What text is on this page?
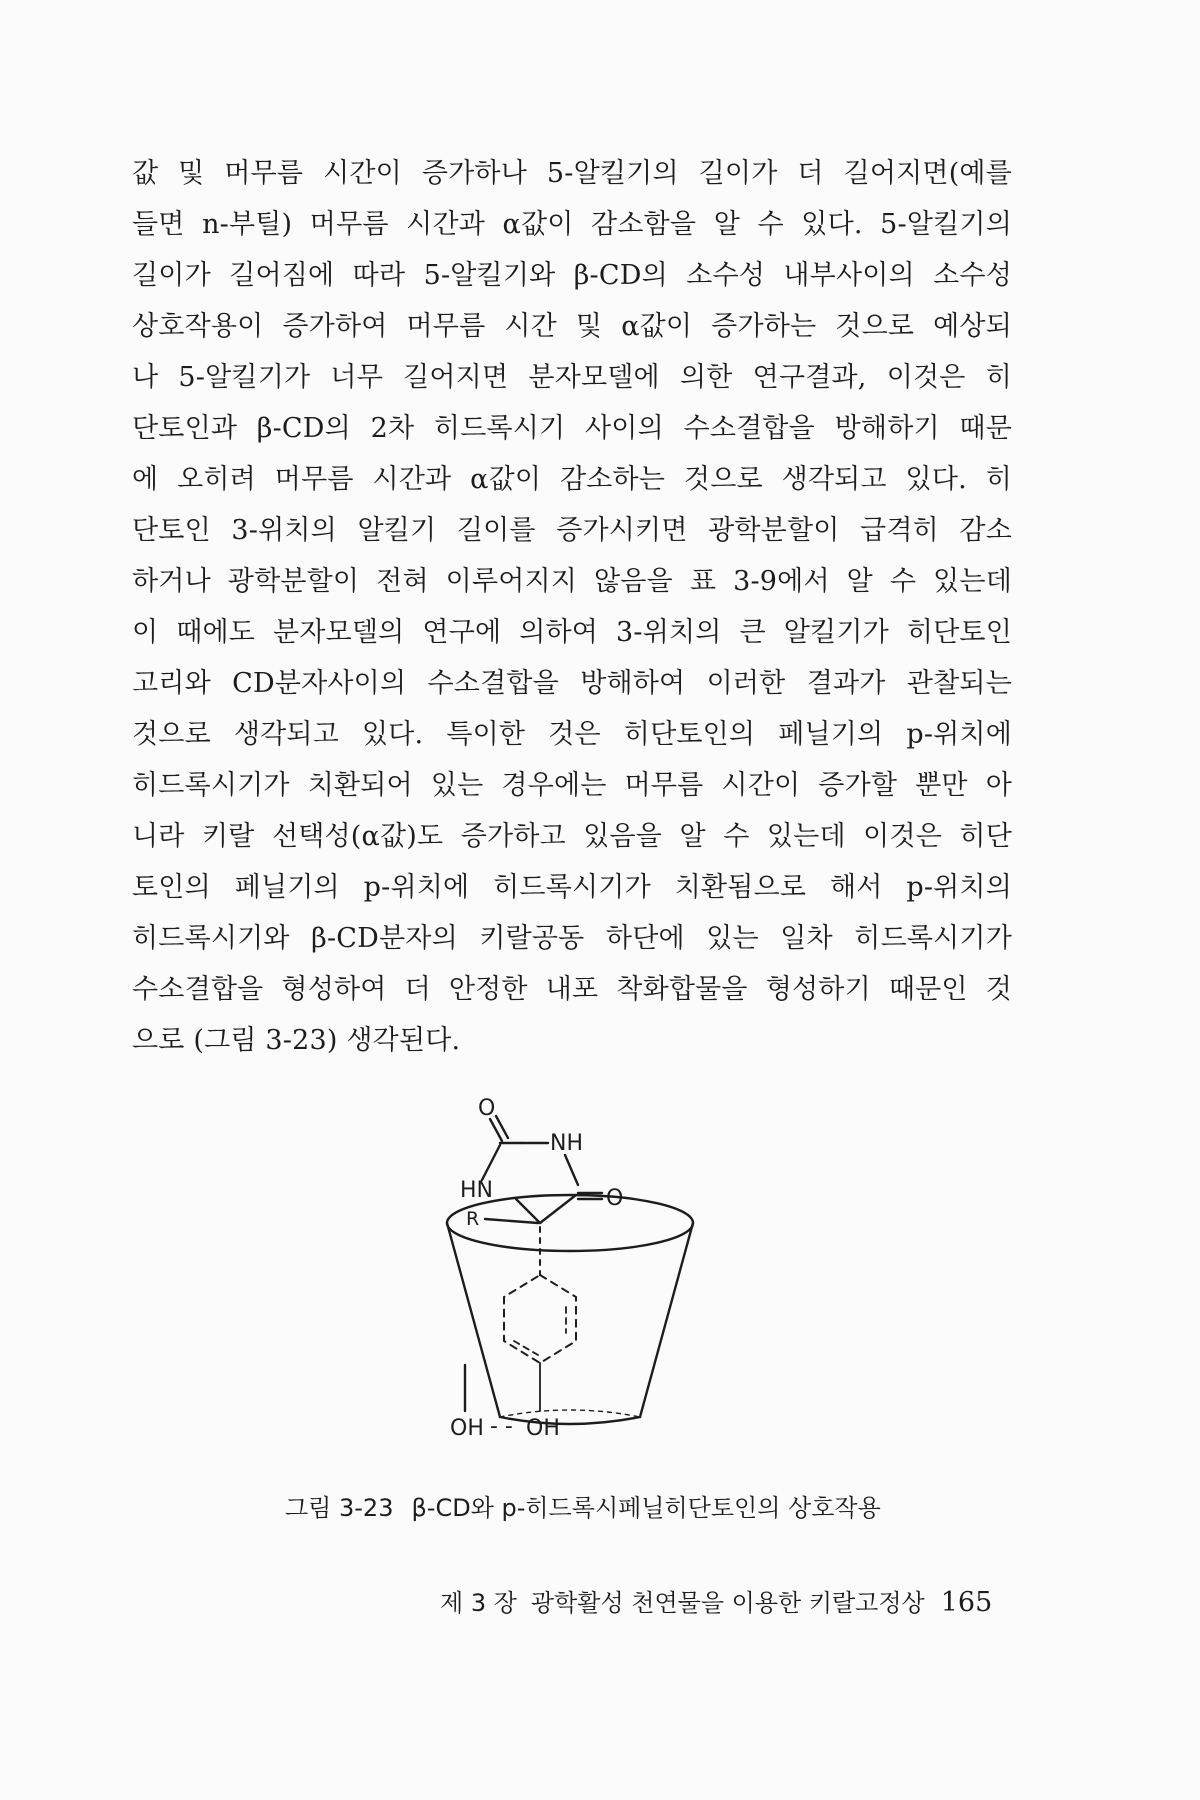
값 및 머무름 시간이 증가하나 5-알킬기의 길이가 더 길어지면(예를
들면 n-부틸) 머무름 시간과 α값이 감소함을 알 수 있다. 5-알킬기의
길이가 길어짐에 따라 5-알킬기와 β-CD의 소수성 내부사이의 소수성
상호작용이 증가하여 머무름 시간 및 α값이 증가하는 것으로 예상되
나 5-알킬기가 너무 길어지면 분자모델에 의한 연구결과, 이것은 히
단토인과 β-CD의 2차 히드록시기 사이의 수소결합을 방해하기 때문
에 오히려 머무름 시간과 α값이 감소하는 것으로 생각되고 있다. 히
단토인 3-위치의 알킬기 길이를 증가시키면 광학분할이 급격히 감소
하거나 광학분할이 전혀 이루어지지 않음을 표 3-9에서 알 수 있는데
이 때에도 분자모델의 연구에 의하여 3-위치의 큰 알킬기가 히단토인
고리와 CD분자사이의 수소결합을 방해하여 이러한 결과가 관찰되는
것으로 생각되고 있다. 특이한 것은 히단토인의 페닐기의 p-위치에
히드록시기가 치환되어 있는 경우에는 머무름 시간이 증가할 뿐만 아
니라 키랄 선택성(α값)도 증가하고 있음을 알 수 있는데 이것은 히단
토인의 페닐기의 p-위치에 히드록시기가 치환됨으로 해서 p-위치의
히드록시기와 β-CD분자의 키랄공동 하단에 있는 일차 히드록시기가
수소결합을 형성하여 더 안정한 내포 착화합물을 형성하기 때문인 것
으로 (그림 3-23) 생각된다.
O
NH
HN	O
R
OH - - OH
그림 3-23 β-CD와 p-히드록시페닐히단토인의 상호작용
제 3 장 광학활성 천연물을 이용한 키랄고정상 165
